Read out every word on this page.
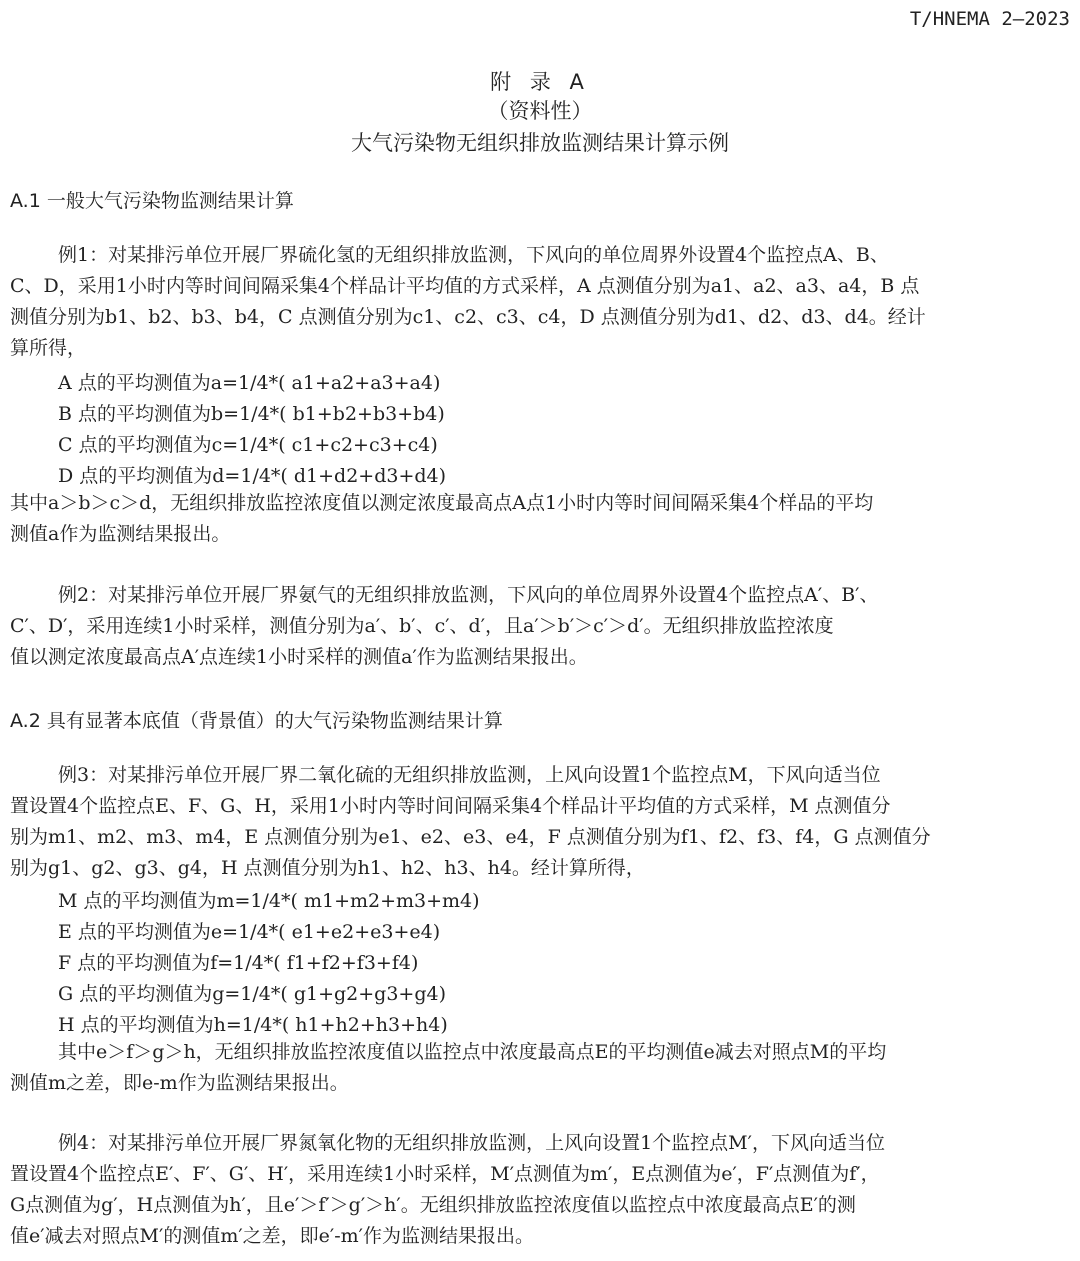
T/HNEMA 2—2023
附 录 A
（资料性）
大气污染物无组织排放监测结果计算示例
A.1 一般大气污染物监测结果计算
例1：对某排污单位开展厂界硫化氢的无组织排放监测，下风向的单位周界外设置4个监控点A、B、
C、D，采用1小时内等时间间隔采集4个样品计平均值的方式采样，A 点测值分别为a1、a2、a3、a4，B 点
测值分别为b1、b2、b3、b4，C 点测值分别为c1、c2、c3、c4，D 点测值分别为d1、d2、d3、d4。经计
算所得，
A 点的平均测值为a=1/4*( a1+a2+a3+a4)
B 点的平均测值为b=1/4*( b1+b2+b3+b4)
C 点的平均测值为c=1/4*( c1+c2+c3+c4)
D 点的平均测值为d=1/4*( d1+d2+d3+d4)
其中a＞b＞c＞d，无组织排放监控浓度值以测定浓度最高点A点1小时内等时间间隔采集4个样品的平均
测值a作为监测结果报出。
例2：对某排污单位开展厂界氨气的无组织排放监测，下风向的单位周界外设置4个监控点A′、B′、
C′、D′，采用连续1小时采样，测值分别为a′、b′、c′、d′，且a′＞b′＞c′＞d′。无组织排放监控浓度
值以测定浓度最高点A′点连续1小时采样的测值a′作为监测结果报出。
A.2 具有显著本底值（背景值）的大气污染物监测结果计算
例3：对某排污单位开展厂界二氧化硫的无组织排放监测，上风向设置1个监控点M，下风向适当位
置设置4个监控点E、F、G、H，采用1小时内等时间间隔采集4个样品计平均值的方式采样，M 点测值分
别为m1、m2、m3、m4，E 点测值分别为e1、e2、e3、e4，F 点测值分别为f1、f2、f3、f4，G 点测值分
别为g1、g2、g3、g4，H 点测值分别为h1、h2、h3、h4。经计算所得，
M 点的平均测值为m=1/4*( m1+m2+m3+m4)
E 点的平均测值为e=1/4*( e1+e2+e3+e4)
F 点的平均测值为f=1/4*( f1+f2+f3+f4)
G 点的平均测值为g=1/4*( g1+g2+g3+g4)
H 点的平均测值为h=1/4*( h1+h2+h3+h4)
其中e＞f＞g＞h，无组织排放监控浓度值以监控点中浓度最高点E的平均测值e减去对照点M的平均
测值m之差，即e-m作为监测结果报出。
例4：对某排污单位开展厂界氮氧化物的无组织排放监测，上风向设置1个监控点M′，下风向适当位
置设置4个监控点E′、F′、G′、H′，采用连续1小时采样，M′点测值为m′，E点测值为e′，F′点测值为f′，
G点测值为g′，H点测值为h′，且e′＞f′＞g′＞h′。无组织排放监控浓度值以监控点中浓度最高点E′的测
值e′减去对照点M′的测值m′之差，即e′-m′作为监测结果报出。
